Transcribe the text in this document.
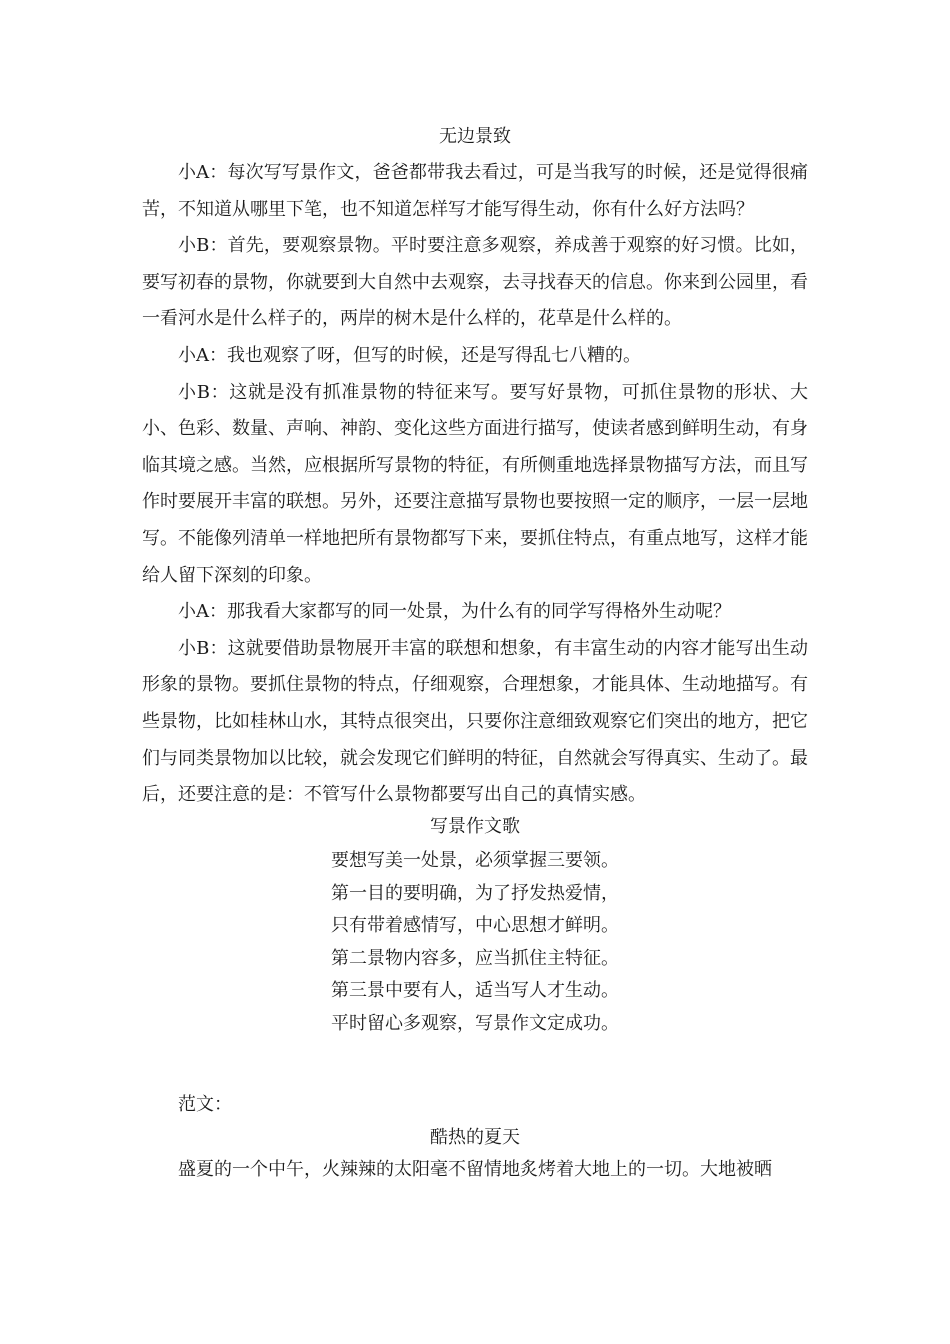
无边景致

小A：每次写写景作文，爸爸都带我去看过，可是当我写的时候，还是觉得很痛苦，不知道从哪里下笔，也不知道怎样写才能写得生动，你有什么好方法吗？

小B：首先，要观察景物。平时要注意多观察，养成善于观察的好习惯。比如，要写初春的景物，你就要到大自然中去观察，去寻找春天的信息。你来到公园里，看一看河水是什么样子的，两岸的树木是什么样的，花草是什么样的。

小A：我也观察了呀，但写的时候，还是写得乱七八糟的。

小B：这就是没有抓准景物的特征来写。要写好景物，可抓住景物的形状、大小、色彩、数量、声响、神韵、变化这些方面进行描写，使读者感到鲜明生动，有身临其境之感。当然，应根据所写景物的特征，有所侧重地选择景物描写方法，而且写作时要展开丰富的联想。另外，还要注意描写景物也要按照一定的顺序，一层一层地写。不能像列清单一样地把所有景物都写下来，要抓住特点，有重点地写，这样才能给人留下深刻的印象。

小A：那我看大家都写的同一处景，为什么有的同学写得格外生动呢？

小B：这就要借助景物展开丰富的联想和想象，有丰富生动的内容才能写出生动形象的景物。要抓住景物的特点，仔细观察，合理想象，才能具体、生动地描写。有些景物，比如桂林山水，其特点很突出，只要你注意细致观察它们突出的地方，把它们与同类景物加以比较，就会发现它们鲜明的特征，自然就会写得真实、生动了。最后，还要注意的是：不管写什么景物都要写出自己的真情实感。

写景作文歌
要想写美一处景，必须掌握三要领。
第一目的要明确，为了抒发热爱情，
只有带着感情写，中心思想才鲜明。
第二景物内容多，应当抓住主特征。
第三景中要有人，适当写人才生动。
平时留心多观察，写景作文定成功。
范文：
酷热的夏天

盛夏的一个中午，火辣辣的太阳毫不留情地炙烤着大地上的一切。大地被晒
